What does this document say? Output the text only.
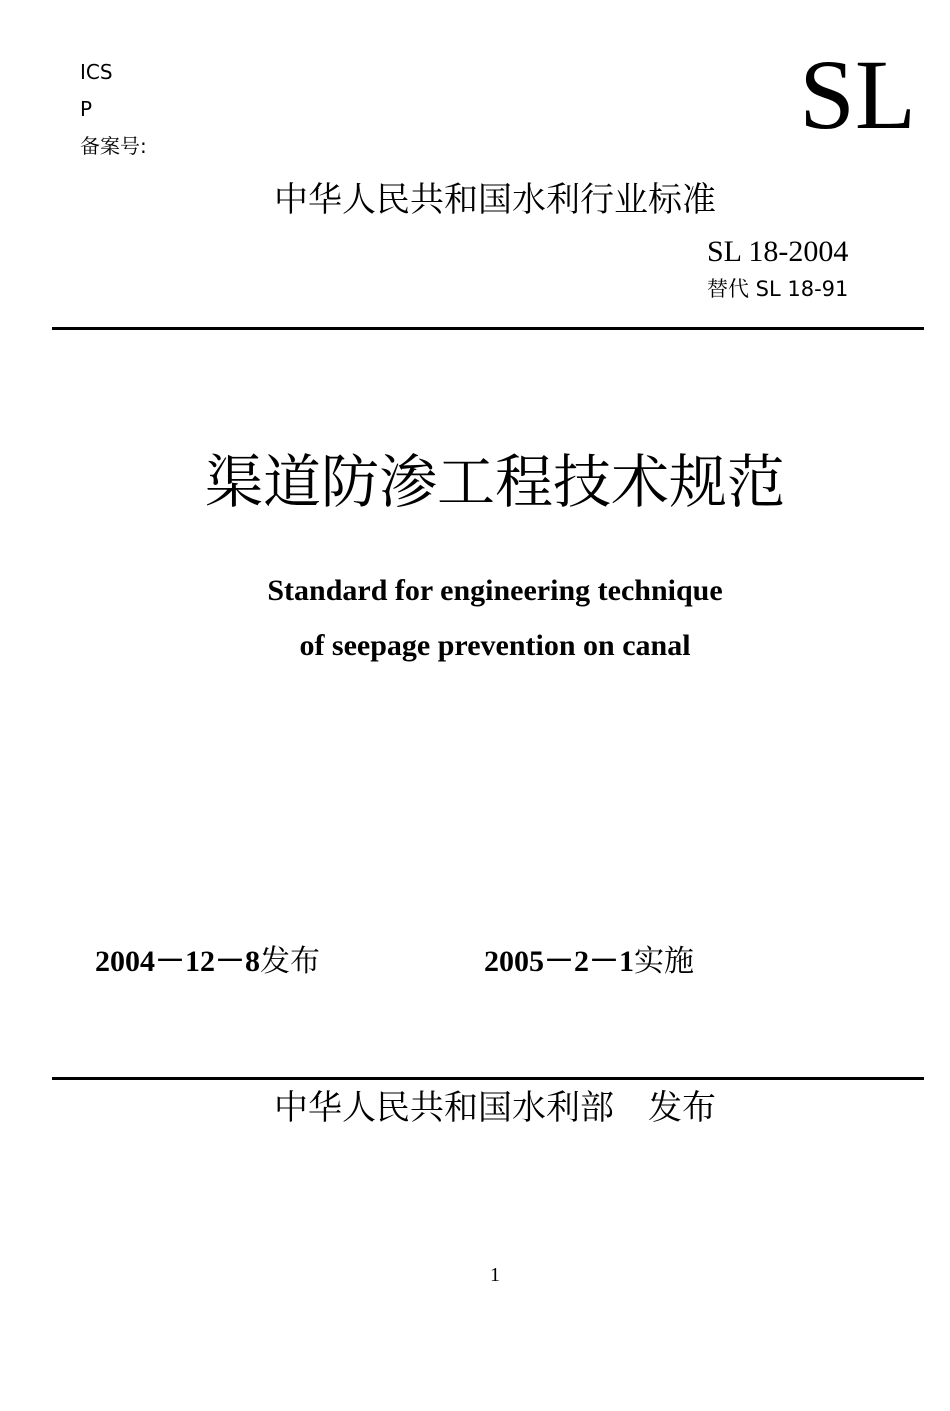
ICS
P
备案号:	SL
中华人民共和国水利行业标准
SL 18-2004
替代 SL 18-91
渠道防渗工程技术规范
Standard for engineering technique
of seepage prevention on canal
2004－12－8发布	2005－2－1实施
中华人民共和国水利部　发布
1
